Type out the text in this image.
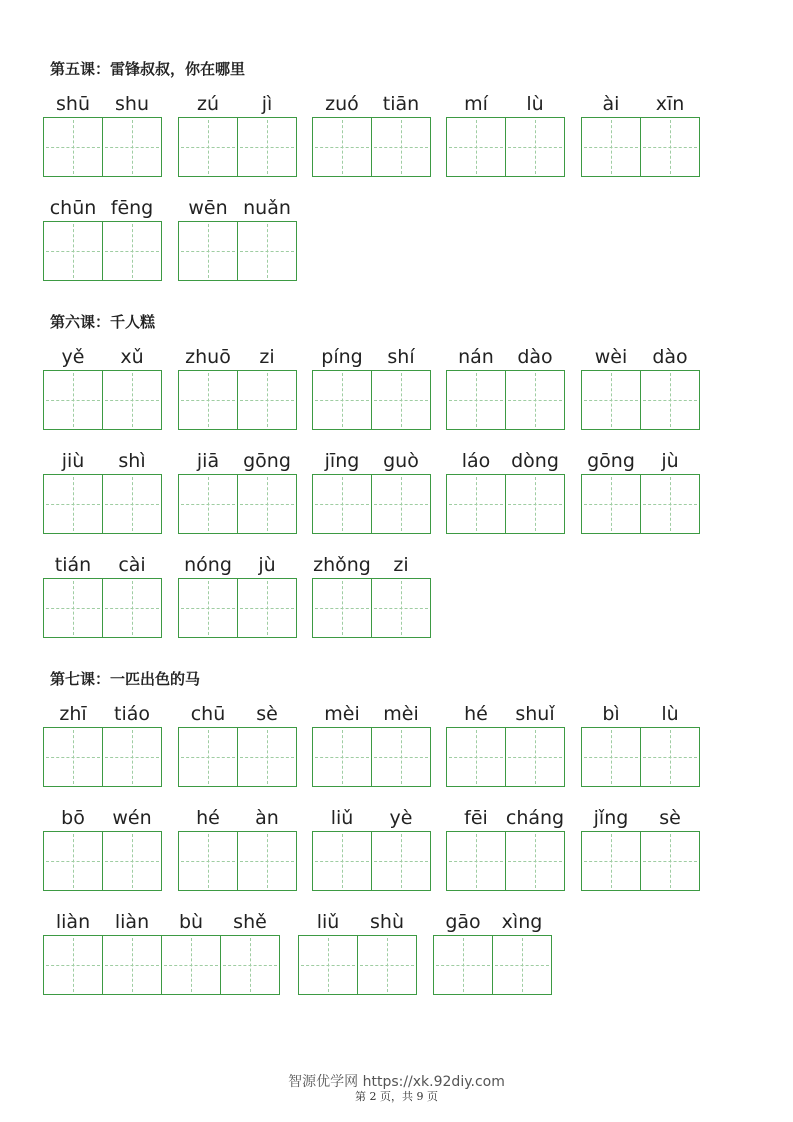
第五课：雷锋叔叔，你在哪里
shū	shu	zú	jì	zuó	tiān	mí	lù	ài	xīn
chūn fēng	wēn nuǎn
第六课：千人糕
yě	xǔ	zhuō	zi	píng	shí	nán	dào	wèi	dào
jiù	shì	jiā	gōng	jīng	guò	láo	dòng	gōng	jù
tián	cài	nóng	jù	zhǒng	zi
第七课：一匹出色的马
zhī	tiáo	chū	sè	mèi	mèi	hé	shuǐ	bì	lù
bō	wén	hé	àn	liǔ	yè	fēi cháng	jǐng	sè
liàn	liàn	bù	shě	liǔ	shù	gāo	xìng
智源优学网 https://xk.92diy.com
第 2 页，共 9 页
